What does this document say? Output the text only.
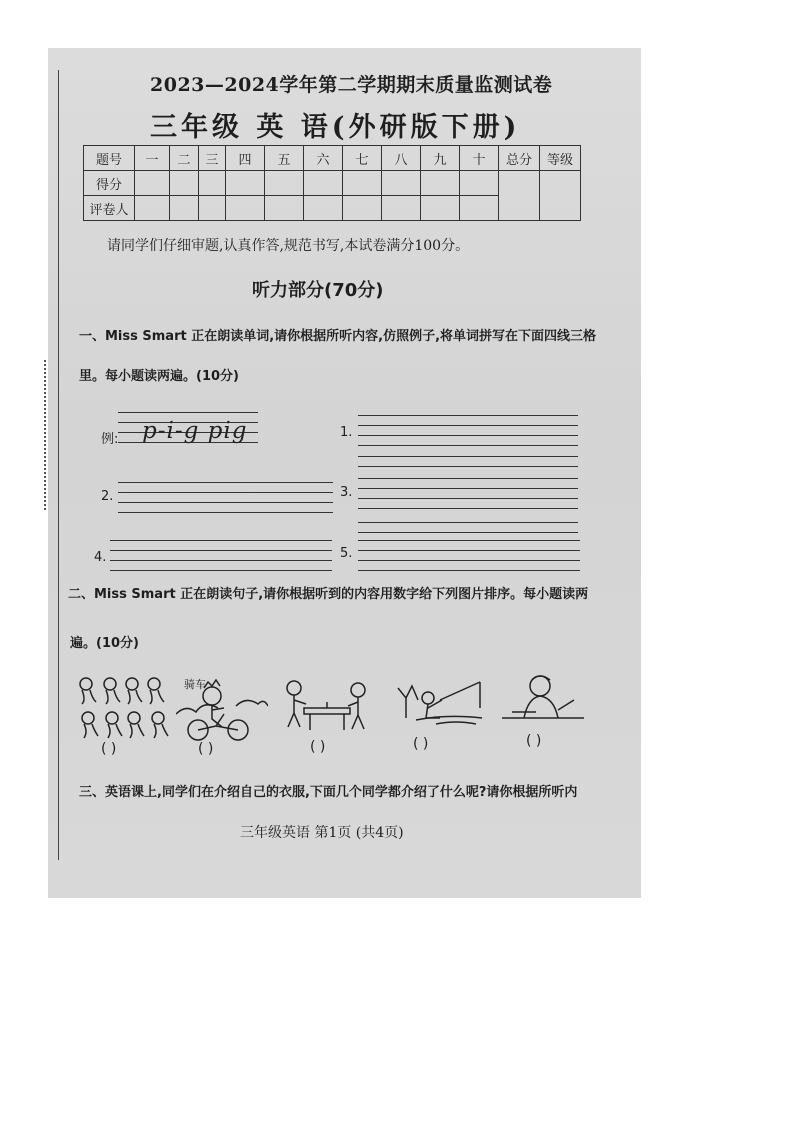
2023—2024学年第二学期期末质量监测试卷
三年级 英 语(外研版下册)
题号	一	二	三	四	五	六	七	八	九	十	总分	等级
得分												
评卷人												
请同学们仔细审题,认真作答,规范书写,本试卷满分100分。
听力部分(70分)
一、Miss Smart 正在朗读单词,请你根据所听内容,仿照例子,将单词拼写在下面四线三格
里。每小题读两遍。(10分)
例: p-i-g pig	1.
2.	3.
4.	5.
二、Miss Smart 正在朗读句子,请你根据听到的内容用数字给下列图片排序。每小题读两
遍。(10分)
骑车
( )	( )	( )	( )	( )
三、英语课上,同学们在介绍自己的衣服,下面几个同学都介绍了什么呢?请你根据所听内
三年级英语 第1页 (共4页)
